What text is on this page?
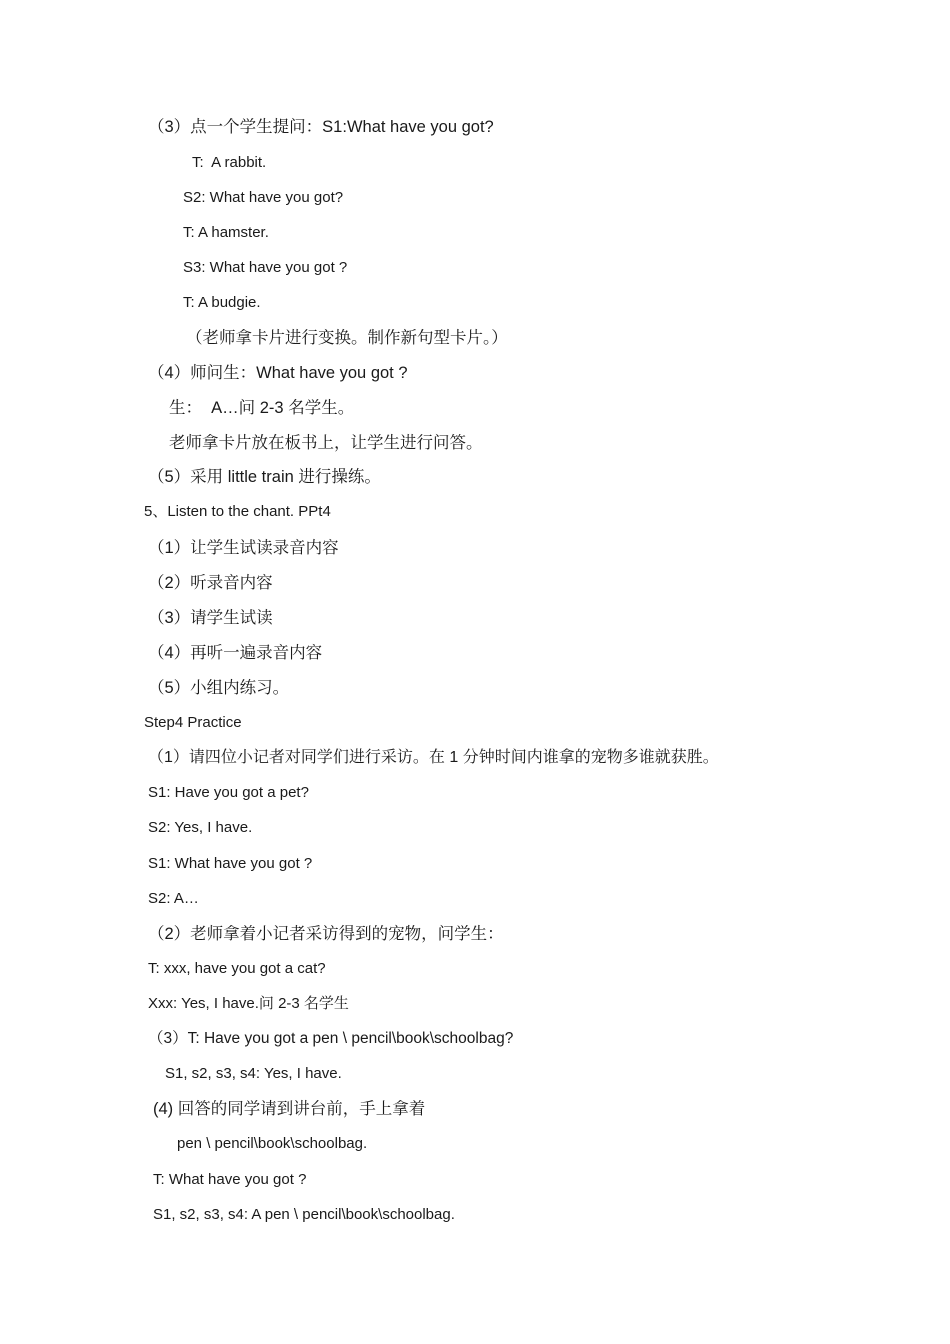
（3）点一个学生提问：S1:What have you got?
T:  A rabbit.
S2: What have you got?
T: A hamster.
S3: What have you got ?
T: A budgie.
（老师拿卡片进行变换。制作新句型卡片。）
（4）师问生：What have you got ?
生：  A…问 2-3 名学生。
老师拿卡片放在板书上，让学生进行问答。
（5）采用 little train 进行操练。
5、Listen to the chant. PPt4
（1）让学生试读录音内容
（2）听录音内容
（3）请学生试读
（4）再听一遍录音内容
（5）小组内练习。
Step4 Practice
（1）请四位小记者对同学们进行采访。在 1 分钟时间内谁拿的宠物多谁就获胜。
S1: Have you got a pet?
S2: Yes, I have.
S1: What have you got ?
S2: A…
（2）老师拿着小记者采访得到的宠物，问学生：
T: xxx, have you got a cat?
Xxx: Yes, I have.问 2-3 名学生
（3）T: Have you got a pen \ pencil\book\schoolbag?
S1, s2, s3, s4: Yes, I have.
(4) 回答的同学请到讲台前，手上拿着
pen \ pencil\book\schoolbag.
T: What have you got ?
S1, s2, s3, s4: A pen \ pencil\book\schoolbag.
